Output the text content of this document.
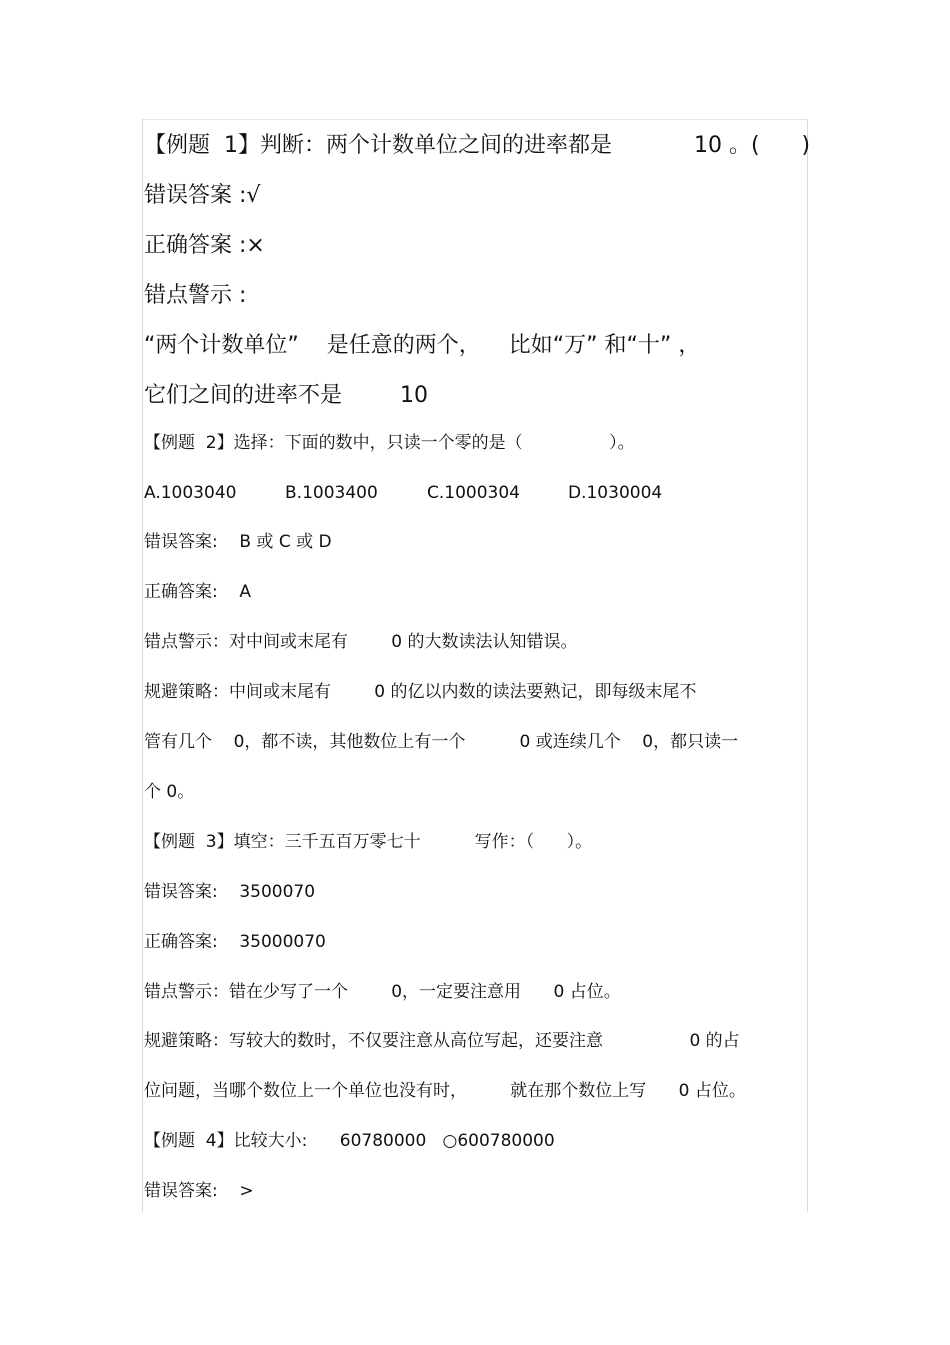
【例题  1】判断：两个计数单位之间的进率都是

	10 。(      )

错误答案 :√
正确答案 :×
错点警示 :
“两个计数单位”    是任意的两个，    比如“万” 和“十” ，

它们之间的进率不是

	10

【例题  2】选择：下面的数中，只读一个零的是（                ）。

A.1003040

	B.1003400

	C.1000304

	D.1030004

错误答案:    B 或 C 或 D
正确答案:    A
错点警示：对中间或末尾有        0 的大数读法认知错误。
规避策略：中间或末尾有        0 的亿以内数的读法要熟记，即每级末尾不
管有几个    0，都不读，其他数位上有一个          0 或连续几个    0，都只读一
个 0。
【例题  3】填空：三千五百万零七十          写作：（      ）。
错误答案:    3500070
正确答案:    35000070
错点警示：错在少写了一个        0，一定要注意用      0 占位。
规避策略：写较大的数时，不仅要注意从高位写起，还要注意                0 的占
位问题，当哪个数位上一个单位也没有时，        就在那个数位上写      0 占位。
【例题  4】比较大小:      60780000   ○600780000
错误答案:    >
